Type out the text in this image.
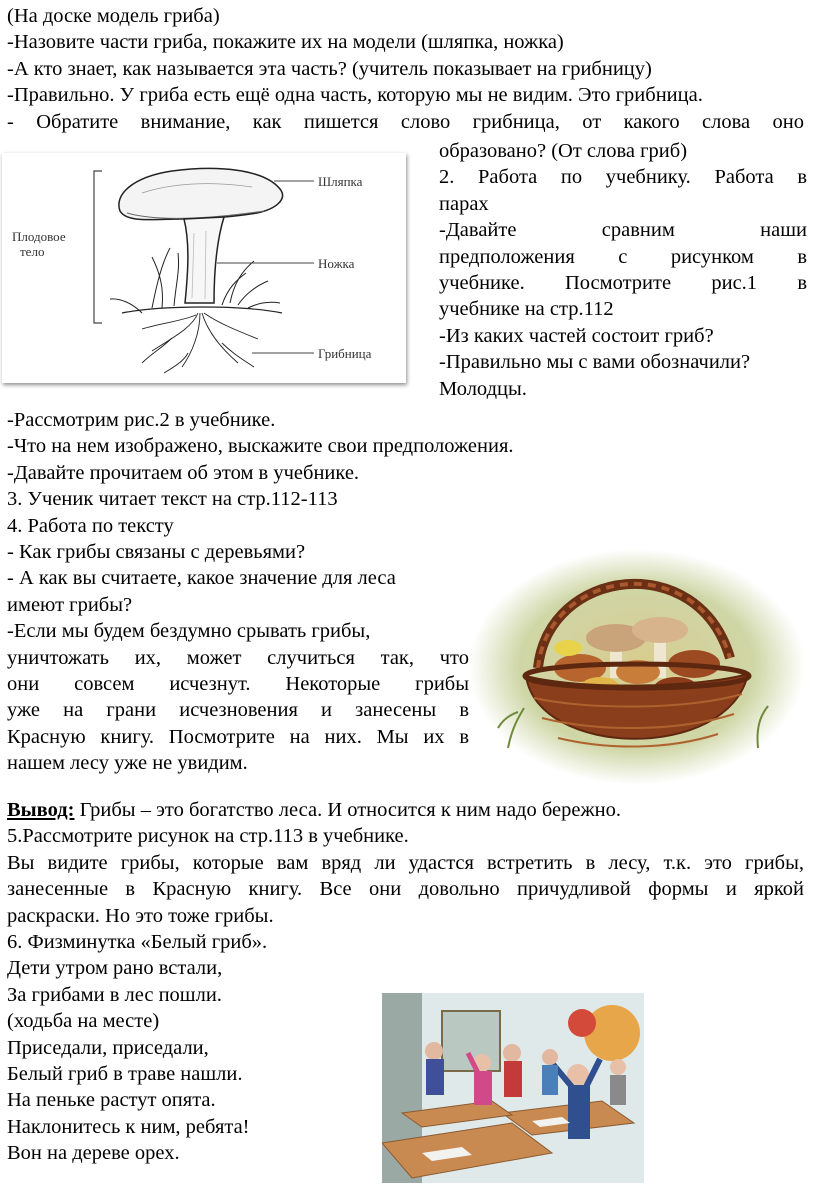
(На доске модель гриба)
-Назовите части гриба, покажите их на модели (шляпка, ножка)
-А кто знает, как называется эта часть? (учитель показывает на грибницу)
-Правильно. У гриба есть ещё одна часть, которую мы не видим. Это грибница.
- Обратите внимание, как пишется слово грибница, от какого слова оно
образовано? (От слова гриб)
2. Работа по учебнику. Работа в
парах
-Давайте сравним наши
предположения с рисунком в
учебнике. Посмотрите рис.1 в
учебнике на стр.112
-Из каких частей состоит гриб?
-Правильно мы с вами обозначили?
Молодцы.
-Рассмотрим рис.2 в учебнике.
-Что на нем изображено, выскажите свои предположения.
-Давайте прочитаем об этом в учебнике.
3. Ученик читает текст на стр.112-113
4. Работа по тексту
- Как грибы связаны с деревьями?
- А как вы считаете, какое значение для леса
имеют грибы?
-Если мы будем бездумно срывать грибы,
уничтожать их, может случиться так, что
они совсем исчезнут. Некоторые грибы
уже на грани исчезновения и занесены в
Красную книгу. Посмотрите на них. Мы их в
нашем лесу уже не увидим.
Вывод: Грибы – это богатство леса. И относится к ним надо бережно.
5.Рассмотрите рисунок на стр.113 в учебнике.
Вы видите грибы, которые вам вряд ли удастся встретить в лесу, т.к. это грибы,
занесенные в Красную книгу. Все они довольно причудливой формы и яркой
раскраски. Но это тоже грибы.
6. Физминутка «Белый гриб».
Дети утром рано встали,
За грибами в лес пошли.
(ходьба на месте)
Приседали, приседали,
Белый гриб в траве нашли.
На пеньке растут опята.
Наклонитесь к ним, ребята!
Вон на дереве орех.
Плодовое
тело
Шляпка
Ножка
Грибница
